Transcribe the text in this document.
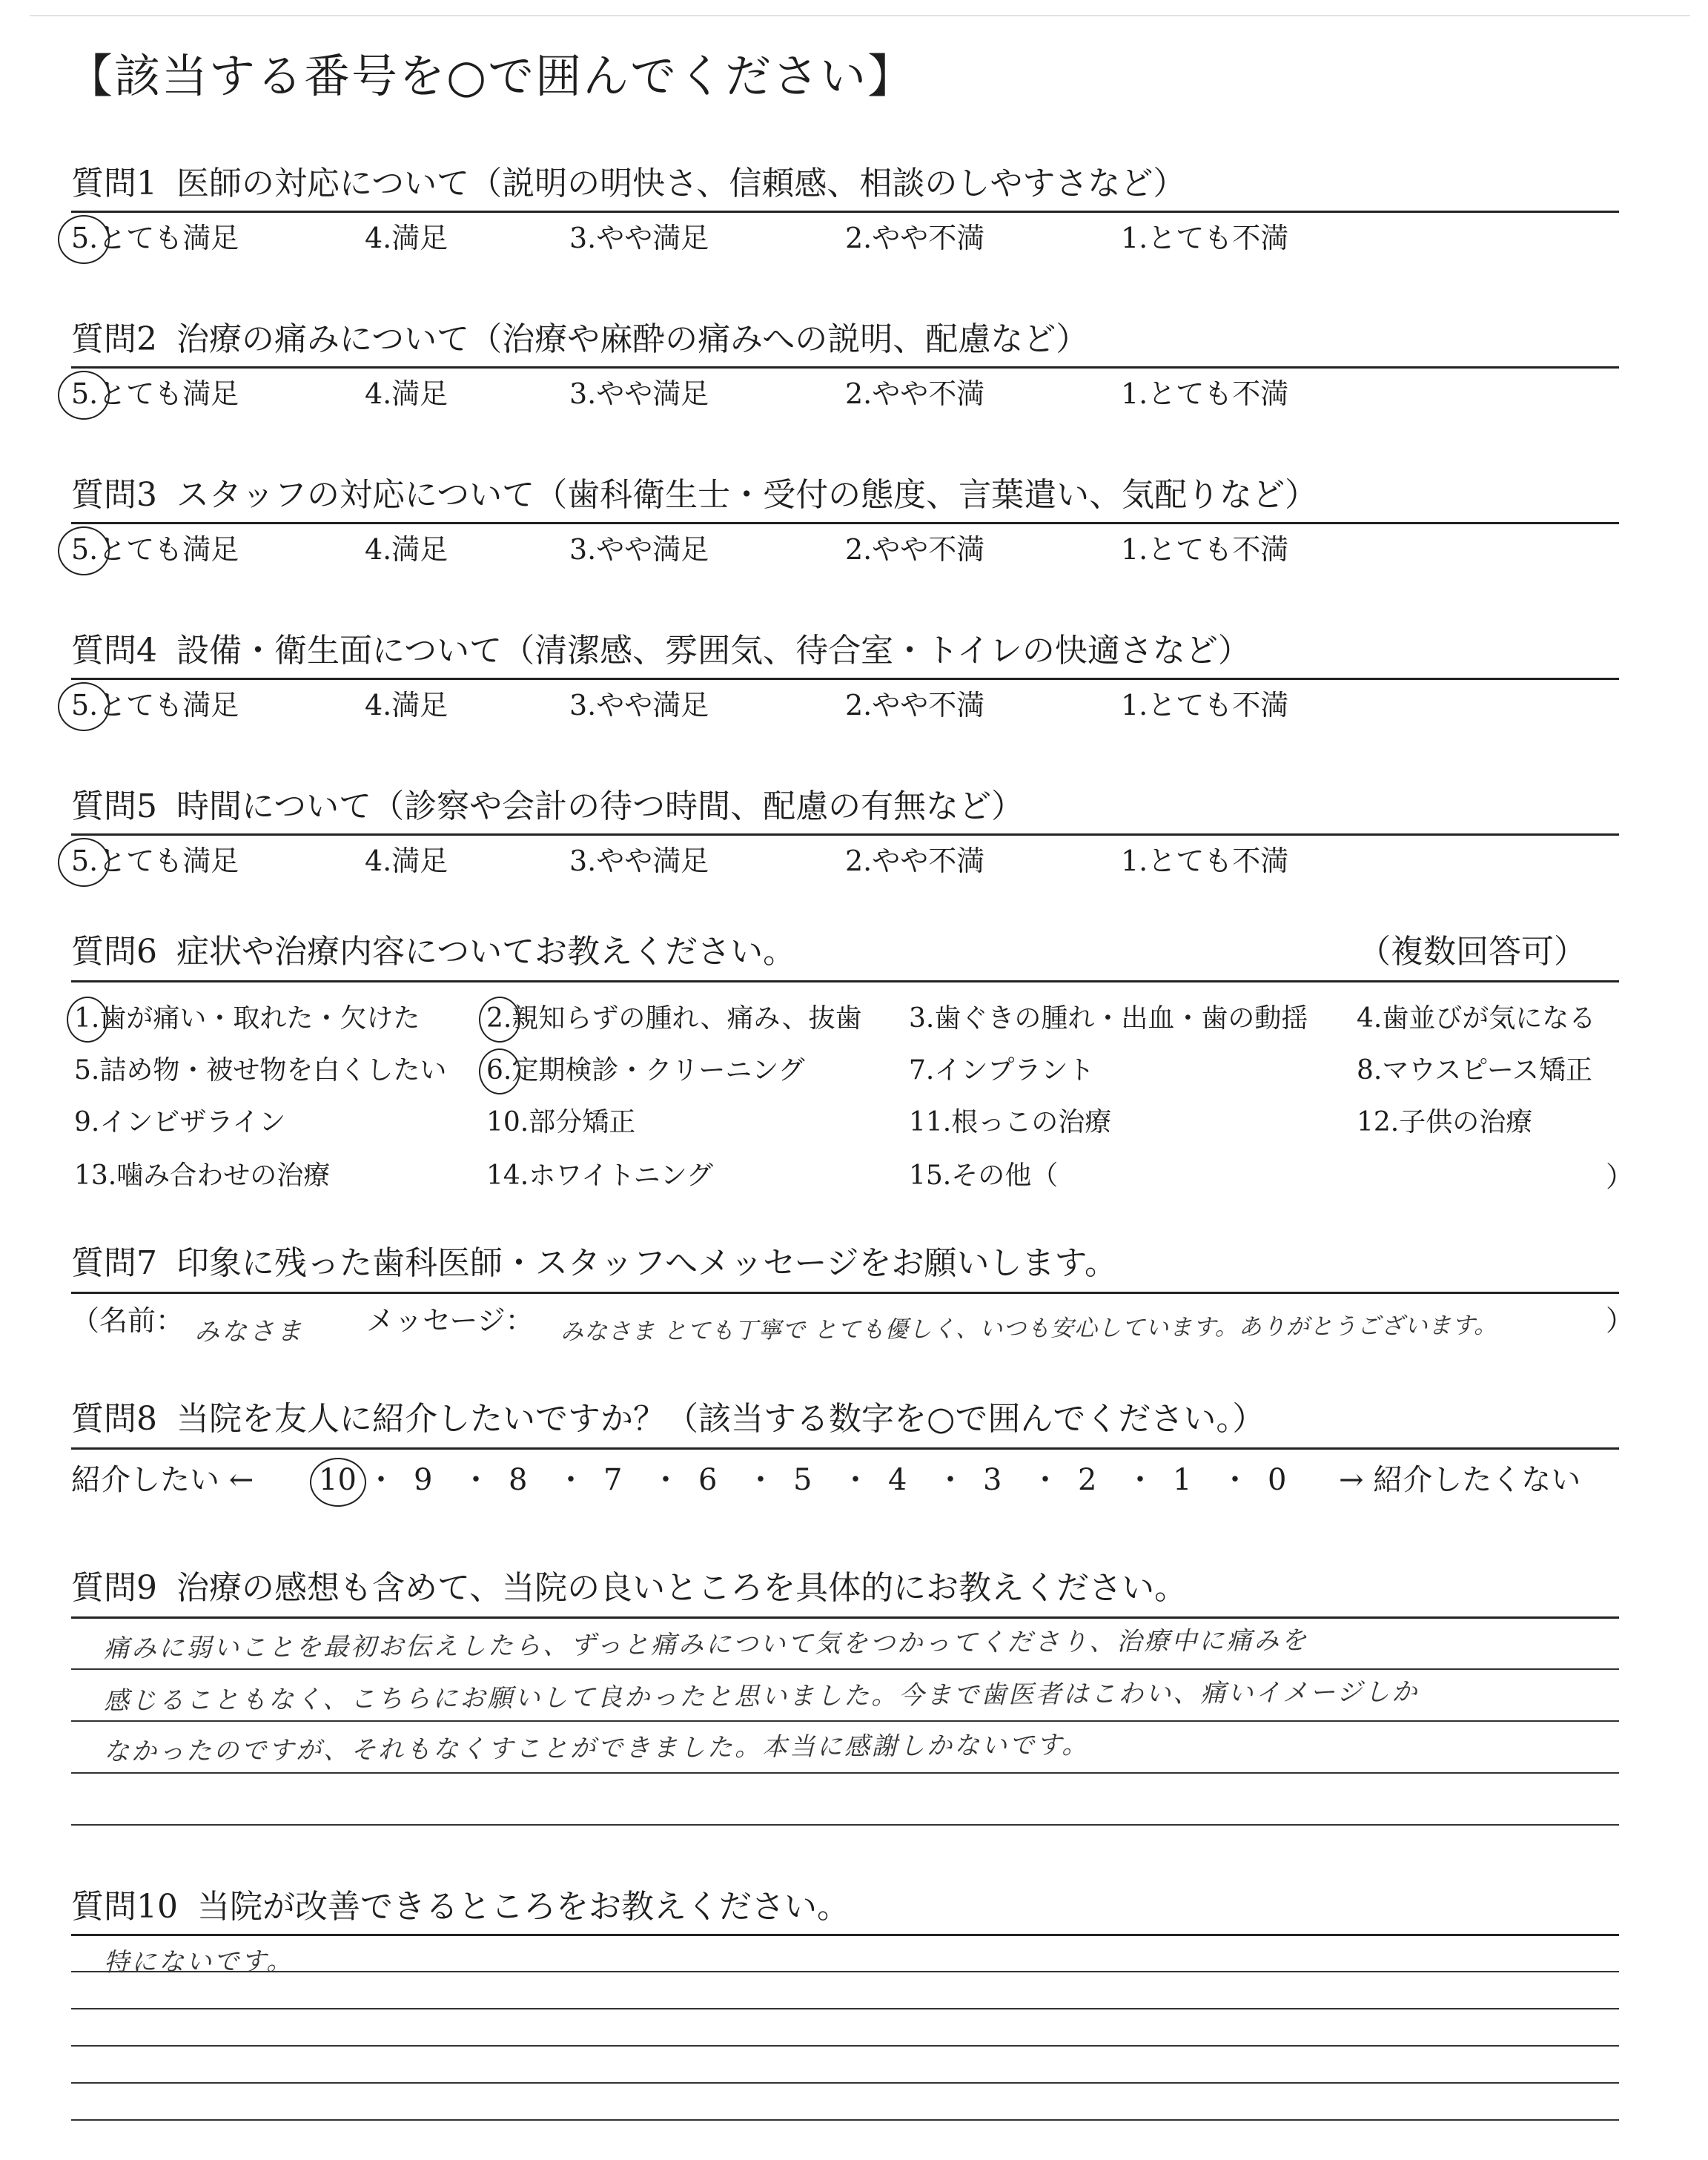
【該当する番号を○で囲んでください】
質問1 医師の対応について（説明の明快さ、信頼感、相談のしやすさなど）
5.とても満足	4.満足	3.やや満足	2.やや不満	1.とても不満
質問2 治療の痛みについて（治療や麻酔の痛みへの説明、配慮など）
5.とても満足	4.満足	3.やや満足	2.やや不満	1.とても不満
質問3 スタッフの対応について（歯科衛生士・受付の態度、言葉遣い、気配りなど）
5.とても満足	4.満足	3.やや満足	2.やや不満	1.とても不満
質問4 設備・衛生面について（清潔感、雰囲気、待合室・トイレの快適さなど）
5.とても満足	4.満足	3.やや満足	2.やや不満	1.とても不満
質問5 時間について（診察や会計の待つ時間、配慮の有無など）
5.とても満足	4.満足	3.やや満足	2.やや不満	1.とても不満
質問6 症状や治療内容についてお教えください。	（複数回答可）
1.歯が痛い・取れた・欠けた 2.親知らずの腫れ、痛み、抜歯 3.歯ぐきの腫れ・出血・歯の動揺 4.歯並びが気になる
5.詰め物・被せ物を白くしたい 6.定期検診・クリーニング	7.インプラント	8.マウスピース矯正
9.インビザライン	10.部分矯正	11.根っこの治療	12.子供の治療
13.噛み合わせの治療	14.ホワイトニング	15.その他（	）
質問7 印象に残った歯科医師・スタッフへメッセージをお願いします。
（名前： みなさま メッセージ： みなさま とても丁寧で とても優しく、いつも安心しています。ありがとうございます。	）
質問8 当院を友人に紹介したいですか？（該当する数字を○で囲んでください。）
紹介したい ← 10 ・ 9 ・ 8 ・ 7 ・ 6 ・ 5 ・ 4 ・ 3 ・ 2 ・ 1 ・ 0 → 紹介したくない
質問9 治療の感想も含めて、当院の良いところを具体的にお教えください。
痛みに弱いことを最初お伝えしたら、ずっと痛みについて気をつかってくださり、治療中に痛みを
感じることもなく、こちらにお願いして良かったと思いました。今まで歯医者はこわい、痛いイメージしか
なかったのですが、それもなくすことができました。本当に感謝しかないです。
質問10 当院が改善できるところをお教えください。
特にないです。
